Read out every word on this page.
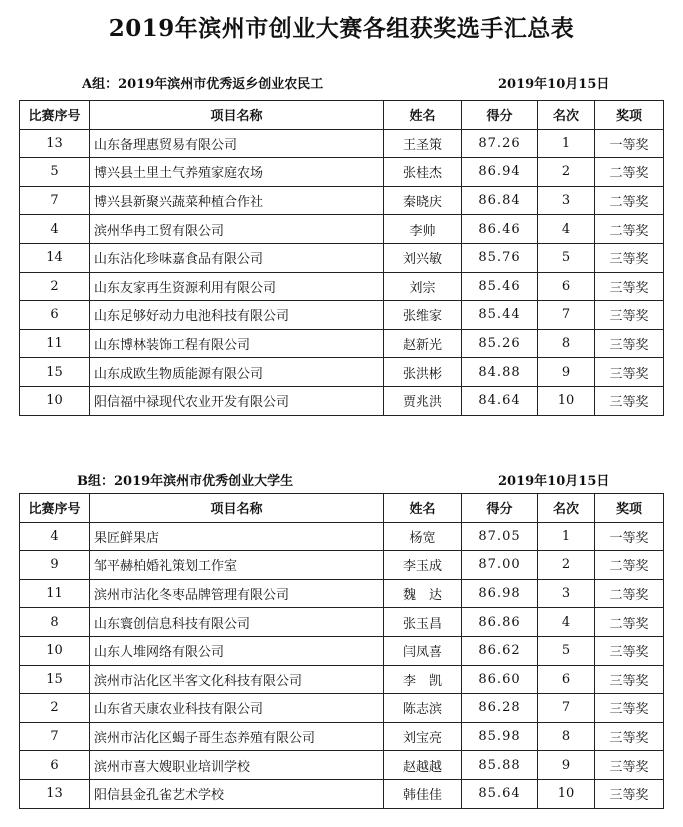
2019年滨州市创业大赛各组获奖选手汇总表
A组：2019年滨州市优秀返乡创业农民工	2019年10月15日
比赛序号	项目名称	姓名	得分	名次	奖项
13	山东备理惠贸易有限公司	王圣策	87.26	1	一等奖
5	博兴县土里土气养殖家庭农场	张桂杰	86.94	2	二等奖
7	博兴县新聚兴蔬菜种植合作社	秦晓庆	86.84	3	二等奖
4	滨州华冉工贸有限公司	李帅	86.46	4	二等奖
14	山东沾化珍味嘉食品有限公司	刘兴敏	85.76	5	三等奖
2	山东友家再生资源利用有限公司	刘宗	85.46	6	三等奖
6	山东足够好动力电池科技有限公司	张维家	85.44	7	三等奖
11	山东博林装饰工程有限公司	赵新光	85.26	8	三等奖
15	山东成欧生物质能源有限公司	张洪彬	84.88	9	三等奖
10	阳信福中禄现代农业开发有限公司	贾兆洪	84.64	10	三等奖
B组：2019年滨州市优秀创业大学生	2019年10月15日
比赛序号	项目名称	姓名	得分	名次	奖项
4	果匠鲜果店	杨宽	87.05	1	一等奖
9	邹平赫柏婚礼策划工作室	李玉成	87.00	2	二等奖
11	滨州市沾化冬枣品牌管理有限公司	魏　达	86.98	3	二等奖
8	山东寰创信息科技有限公司	张玉昌	86.86	4	二等奖
10	山东人堆网络有限公司	闫凤喜	86.62	5	三等奖
15	滨州市沾化区半客文化科技有限公司	李　凯	86.60	6	三等奖
2	山东省天康农业科技有限公司	陈志滨	86.28	7	三等奖
7	滨州市沾化区蝎子哥生态养殖有限公司	刘宝亮	85.98	8	三等奖
6	滨州市喜大嫂职业培训学校	赵越越	85.88	9	三等奖
13	阳信县金孔雀艺术学校	韩佳佳	85.64	10	三等奖
